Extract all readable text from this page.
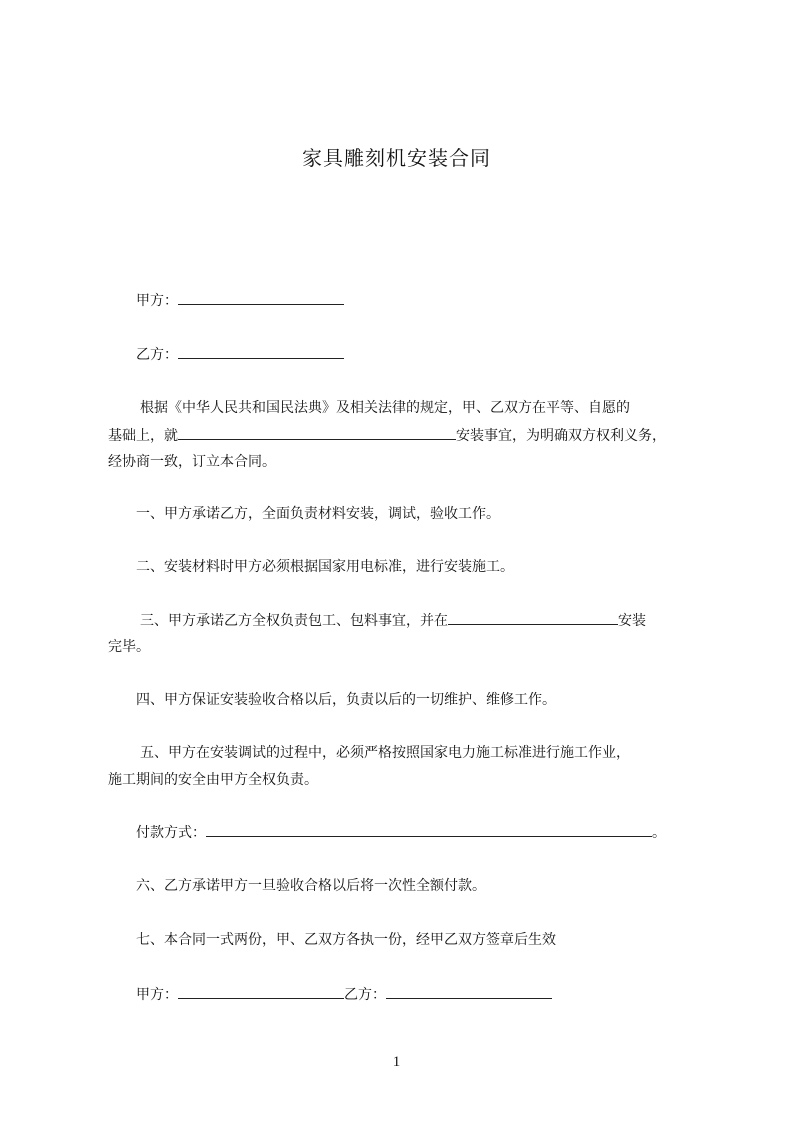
家具雕刻机安装合同
甲方：
乙方：
根据《中华人民共和国民法典》及相关法律的规定，甲、乙双方在平等、自愿的
基础上，就	安装事宜，为明确双方权利义务，
经协商一致，订立本合同。
一、甲方承诺乙方，全面负责材料安装，调试，验收工作。
二、安装材料时甲方必须根据国家用电标准，进行安装施工。
三、甲方承诺乙方全权负责包工、包料事宜，并在	安装
完毕。
四、甲方保证安装验收合格以后，负责以后的一切维护、维修工作。
五、甲方在安装调试的过程中，必须严格按照国家电力施工标准进行施工作业，
施工期间的安全由甲方全权负责。
付款方式：	。
六、乙方承诺甲方一旦验收合格以后将一次性全额付款。
七、本合同一式两份，甲、乙双方各执一份，经甲乙双方签章后生效
甲方：	乙方：
1
